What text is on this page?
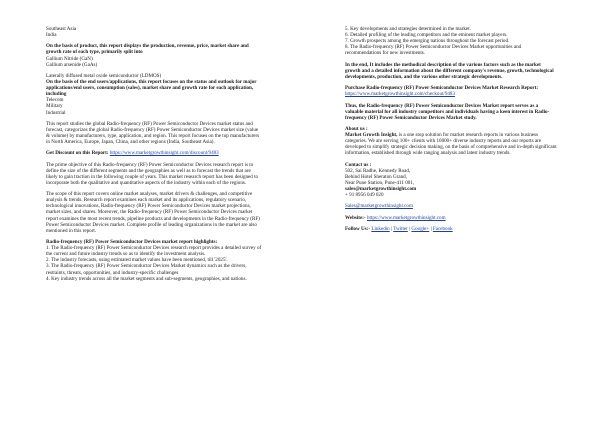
Southeast Asia
India

On the basis of product, this report displays the production, revenue, price, market share and growth rate of each type, primarily split into
Gallium Nitride (GaN)
Gallium arsenide (GaAs)

Laterally diffused metal oxide semiconductor (LDMOS)
On the basis of the end users/applications, this report focuses on the status and outlook for major applications/end users, consumption (sales), market share and growth rate for each application, including
Telecom
Military
Industrial

This report studies the global Radio-frequency (RF) Power Semiconductor Devices market status and forecast, categorizes the global Radio-frequency (RF) Power Semiconductor Devices market size (value & volume) by manufacturers, type, application, and region. This report focuses on the top manufacturers in North America, Europe, Japan, China, and other regions (India, Southeast Asia).

Get Discount on this Report: https://www.marketgrowthinsight.com/discount/9483

The prime objective of this Radio-frequency (RF) Power Semiconductor Devices research report is to define the size of the different segments and the geographies as well as to forecast the trends that are likely to gain traction in the following couple of years. This market research report has been designed to incorporate both the qualitative and quantitative aspects of the industry within each of the regions.

The scope of this report covers online market analyses, market drivers & challenges, and competitive analysis & trends. Research report examines each market and its applications, regulatory scenario, technological innovations, Radio-frequency (RF) Power Semiconductor Devices market projections, market sizes, and shares. Moreover, the Radio-frequency (RF) Power Semiconductor Devices market report examines the most recent trends, pipeline products and developments in the Radio-frequency (RF) Power Semiconductor Devices market. Complete profile of leading organizations in the market are also mentioned in this report.

Radio-frequency (RF) Power Semiconductor Devices market report highlights:
1. The Radio-frequency (RF) Power Semiconductor Devices research report provides a detailed survey of the current and future industry trends so as to identify the investment analysis.
2. The industry forecasts, using estimated market values have been mentioned, till '2025'.
3. The Radio-frequency (RF) Power Semiconductor Devices Market dynamics such as the drivers, restraints, threats, opportunities, and industry-specific challenges
4. Key industry trends across all the market segments and sub-segments, geographies, and nations.

5. Key developments and strategies determined in the market.
6. Detailed profiling of the leading competitors and the eminent market players.
7. Growth prospects among the emerging nations throughout the forecast period.
8. The Radio-frequency (RF) Power Semiconductor Devices Market opportunities and recommendations for new investments.

In the end, It includes the methodical description of the various factors such as the market growth and a detailed information about the different company's revenue, growth, technological developments, production, and the various other strategic developments.

Purchase Radio-frequency (RF) Power Semiconductor Devices Market Research Report: https://www.marketgrowthinsight.com/checkout/9483

Thus, the Radio-frequency (RF) Power Semiconductor Devices Market report serves as a valuable material for all industry competitors and individuals having a keen interest in Radio-frequency (RF) Power Semiconductor Devices Market study.

About us :
Market Growth Insight, is a one stop solution for market research reports in various business categories. We are serving 100+ clients with 10000+ diverse industry reports and our reports are developed to simplify strategic decision making, on the basis of comprehensive and in-depth significant information, established through wide ranging analysis and latest industry trends.

Contact us :
502, Sai Radhe, Kennedy Road,
Behind Hotel Sheraton Grand,
Near Pune Station, Pune-411 001,
sales@marketgrowthinsight.com
+ 91 8956 049 020

Sales@marketgrowthinsight.com

Website:- https://www.marketgrowthinsight.com

Follow Us:- Linkedin | Twitter | Google+ | Facebook
